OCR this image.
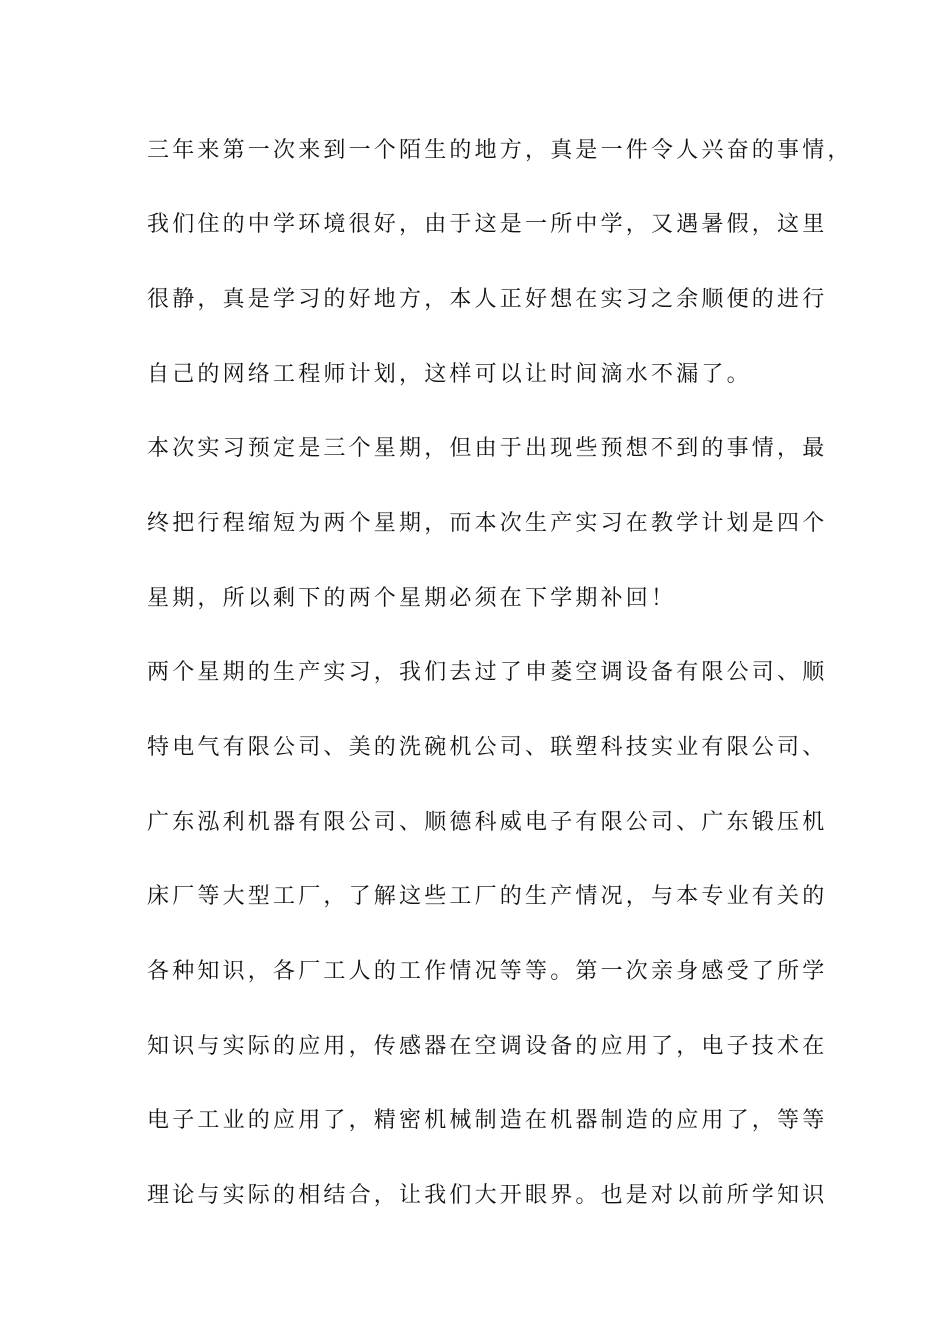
三年来第一次来到一个陌生的地方，真是一件令人兴奋的事情，
我们住的中学环境很好，由于这是一所中学，又遇暑假，这里
很静，真是学习的好地方，本人正好想在实习之余顺便的进行
自己的网络工程师计划，这样可以让时间滴水不漏了。
本次实习预定是三个星期，但由于出现些预想不到的事情，最
终把行程缩短为两个星期，而本次生产实习在教学计划是四个
星期，所以剩下的两个星期必须在下学期补回！
两个星期的生产实习，我们去过了申菱空调设备有限公司、顺
特电气有限公司、美的洗碗机公司、联塑科技实业有限公司、
广东泓利机器有限公司、顺德科威电子有限公司、广东锻压机
床厂等大型工厂，了解这些工厂的生产情况，与本专业有关的
各种知识，各厂工人的工作情况等等。第一次亲身感受了所学
知识与实际的应用，传感器在空调设备的应用了，电子技术在
电子工业的应用了，精密机械制造在机器制造的应用了，等等
理论与实际的相结合，让我们大开眼界。也是对以前所学知识
